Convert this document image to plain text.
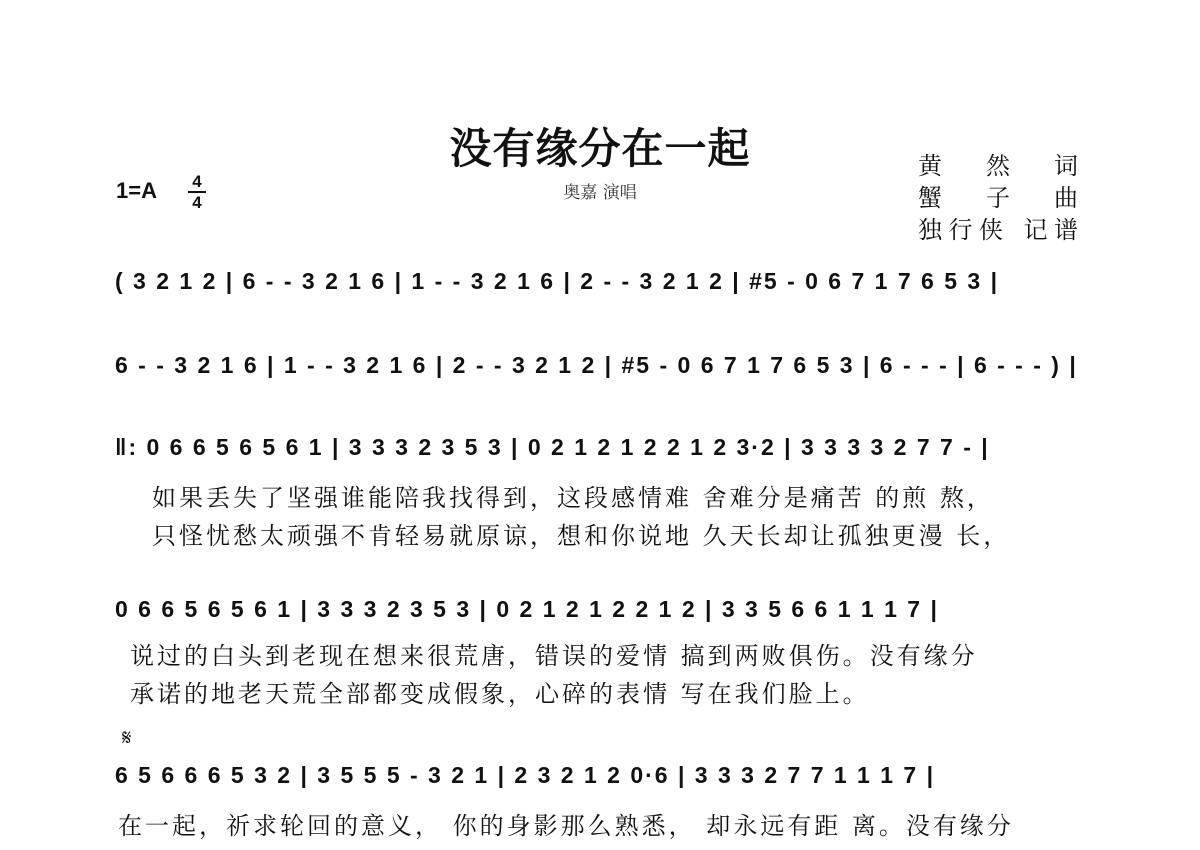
没有缘分在一起
奥嘉 演唱
黄 然 词
蟹 子 曲
独行侠 记谱
1=A 4
4
( 3 2 1 2 | 6 - - 3 2 1 6 | 1 - - 3 2 1 6 | 2 - - 3 2 1 2 | #5 - 0 6 7 1 7 6 5 3 |
6 - - 3 2 1 6 | 1 - - 3 2 1 6 | 2 - - 3 2 1 2 | #5 - 0 6 7 1 7 6 5 3 | 6 - - - | 6 - - - ) |
‖: 0 6 6 5 6 5 6 1 | 3 3 3 2 3 5 3 | 0 2 1 2 1 2 2 1 2 3·2 | 3 3 3 3 2 7 7 - |
如果丢失了坚强谁能陪我找得到，这段感情难 舍难分是痛苦 的煎 熬，
只怪忧愁太顽强不肯轻易就原谅，想和你说地 久天长却让孤独更漫 长，
0 6 6 5 6 5 6 1 | 3 3 3 2 3 5 3 | 0 2 1 2 1 2 2 1 2 | 3 3 5 6 6 1 1 1 7 |
说过的白头到老现在想来很荒唐，错误的爱情 搞到两败俱伤。没有缘分
承诺的地老天荒全部都变成假象，心碎的表情 写在我们脸上。
𝄋
6 5 6 6 6 5 3 2 | 3 5 5 5 - 3 2 1 | 2 3 2 1 2 0·6 | 3 3 3 2 7 7 1 1 1 7 |
在一起，祈求轮回的意义， 你的身影那么熟悉， 却永远有距 离。没有缘分
